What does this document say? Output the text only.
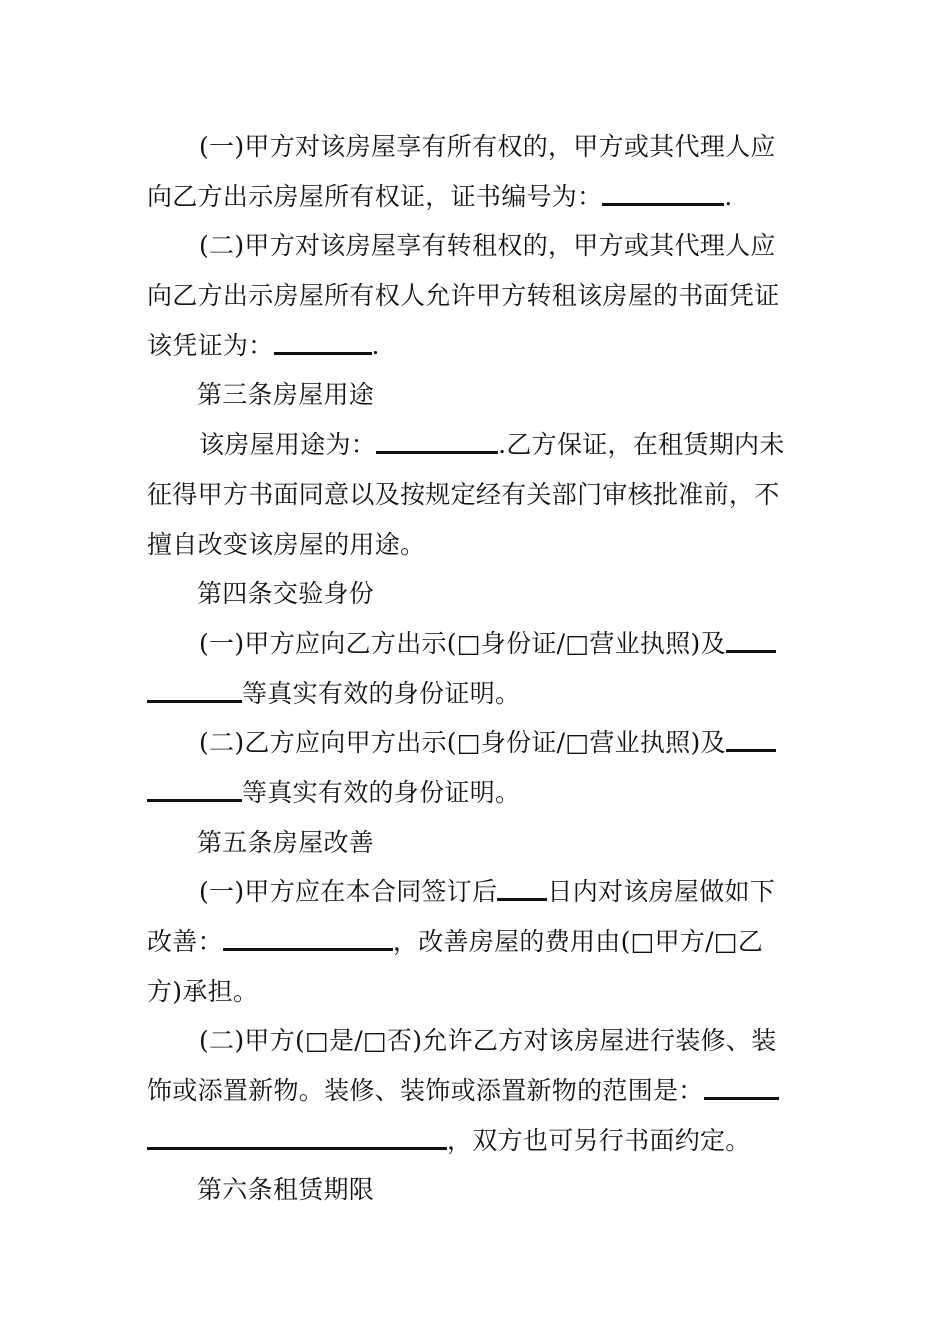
(一)甲方对该房屋享有所有权的，甲方或其代理人应
向乙方出示房屋所有权证，证书编号为：	.
(二)甲方对该房屋享有转租权的，甲方或其代理人应
向乙方出示房屋所有权人允许甲方转租该房屋的书面凭证
该凭证为：	.
第三条房屋用途
该房屋用途为：	.乙方保证，在租赁期内未
征得甲方书面同意以及按规定经有关部门审核批准前，不
擅自改变该房屋的用途。
第四条交验身份
(一)甲方应向乙方出示(□身份证/□营业执照)及
等真实有效的身份证明。
(二)乙方应向甲方出示(□身份证/□营业执照)及
等真实有效的身份证明。
第五条房屋改善
(一)甲方应在本合同签订后 日内对该房屋做如下
改善：	，改善房屋的费用由(□甲方/□乙
方)承担。
(二)甲方(□是/□否)允许乙方对该房屋进行装修、装
饰或添置新物。装修、装饰或添置新物的范围是：
，双方也可另行书面约定。
第六条租赁期限
